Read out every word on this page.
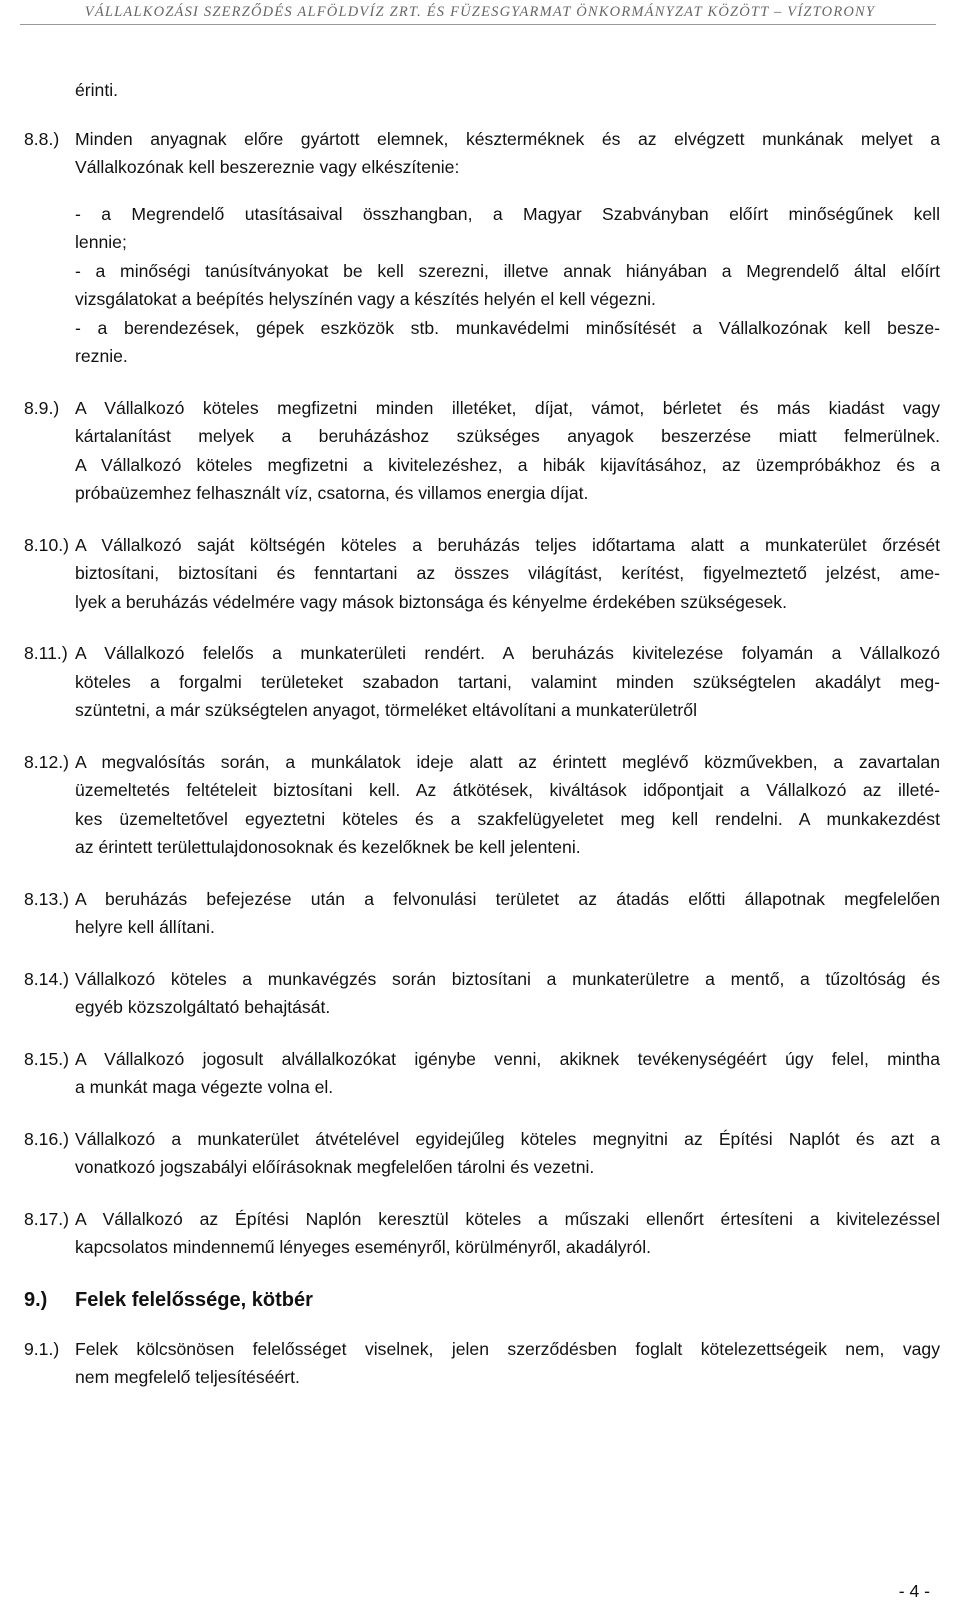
VÁLLALKOZÁSI SZERZŐDÉS ALFÖLDVÍZ ZRT. ÉS FÜZESGYARMAT ÖNKORMÁNYZAT KÖZÖTT – VÍZTORONY
érinti.
8.8.) Minden anyagnak előre gyártott elemnek, készterméknek és az elvégzett munkának melyet a
Vállalkozónak kell beszereznie vagy elkészítenie:
- a Megrendelő utasításaival összhangban, a Magyar Szabványban előírt minőségűnek kell
lennie;
- a minőségi tanúsítványokat be kell szerezni, illetve annak hiányában a Megrendelő által előírt
vizsgálatokat a beépítés helyszínén vagy a készítés helyén el kell végezni.
- a berendezések, gépek eszközök stb. munkavédelmi minősítését a Vállalkozónak kell besze-
reznie.
8.9.) A Vállalkozó köteles megfizetni minden illetéket, díjat, vámot, bérletet és más kiadást vagy
kártalanítást melyek a beruházáshoz szükséges anyagok beszerzése miatt felmerülnek.
A Vállalkozó köteles megfizetni a kivitelezéshez, a hibák kijavításához, az üzempróbákhoz és a
próbaüzemhez felhasznált víz, csatorna, és villamos energia díjat.
8.10.) A Vállalkozó saját költségén köteles a beruházás teljes időtartama alatt a munkaterület őrzését
biztosítani, biztosítani és fenntartani az összes világítást, kerítést, figyelmeztető jelzést, ame-
lyek a beruházás védelmére vagy mások biztonsága és kényelme érdekében szükségesek.
8.11.) A Vállalkozó felelős a munkaterületi rendért. A beruházás kivitelezése folyamán a Vállalkozó
köteles a forgalmi területeket szabadon tartani, valamint minden szükségtelen akadályt meg-
szüntetni, a már szükségtelen anyagot, törmeléket eltávolítani a munkaterületről
8.12.) A megvalósítás során, a munkálatok ideje alatt az érintett meglévő közművekben, a zavartalan
üzemeltetés feltételeit biztosítani kell. Az átkötések, kiváltások időpontjait a Vállalkozó az illeté-
kes üzemeltetővel egyeztetni köteles és a szakfelügyeletet meg kell rendelni. A munkakezdést
az érintett területtulajdonosoknak és kezelőknek be kell jelenteni.
8.13.) A beruházás befejezése után a felvonulási területet az átadás előtti állapotnak megfelelően
helyre kell állítani.
8.14.) Vállalkozó köteles a munkavégzés során biztosítani a munkaterületre a mentő, a tűzoltóság és
egyéb közszolgáltató behajtását.
8.15.) A Vállalkozó jogosult alvállalkozókat igénybe venni, akiknek tevékenységéért úgy felel, mintha
a munkát maga végezte volna el.
8.16.) Vállalkozó a munkaterület átvételével egyidejűleg köteles megnyitni az Építési Naplót és azt a
vonatkozó jogszabályi előírásoknak megfelelően tárolni és vezetni.
8.17.) A Vállalkozó az Építési Naplón keresztül köteles a műszaki ellenőrt értesíteni a kivitelezéssel
kapcsolatos mindennemű lényeges eseményről, körülményről, akadályról.
9.) Felek felelőssége, kötbér
9.1.) Felek kölcsönösen felelősséget viselnek, jelen szerződésben foglalt kötelezettségeik nem, vagy
nem megfelelő teljesítéséért.
- 4 -
